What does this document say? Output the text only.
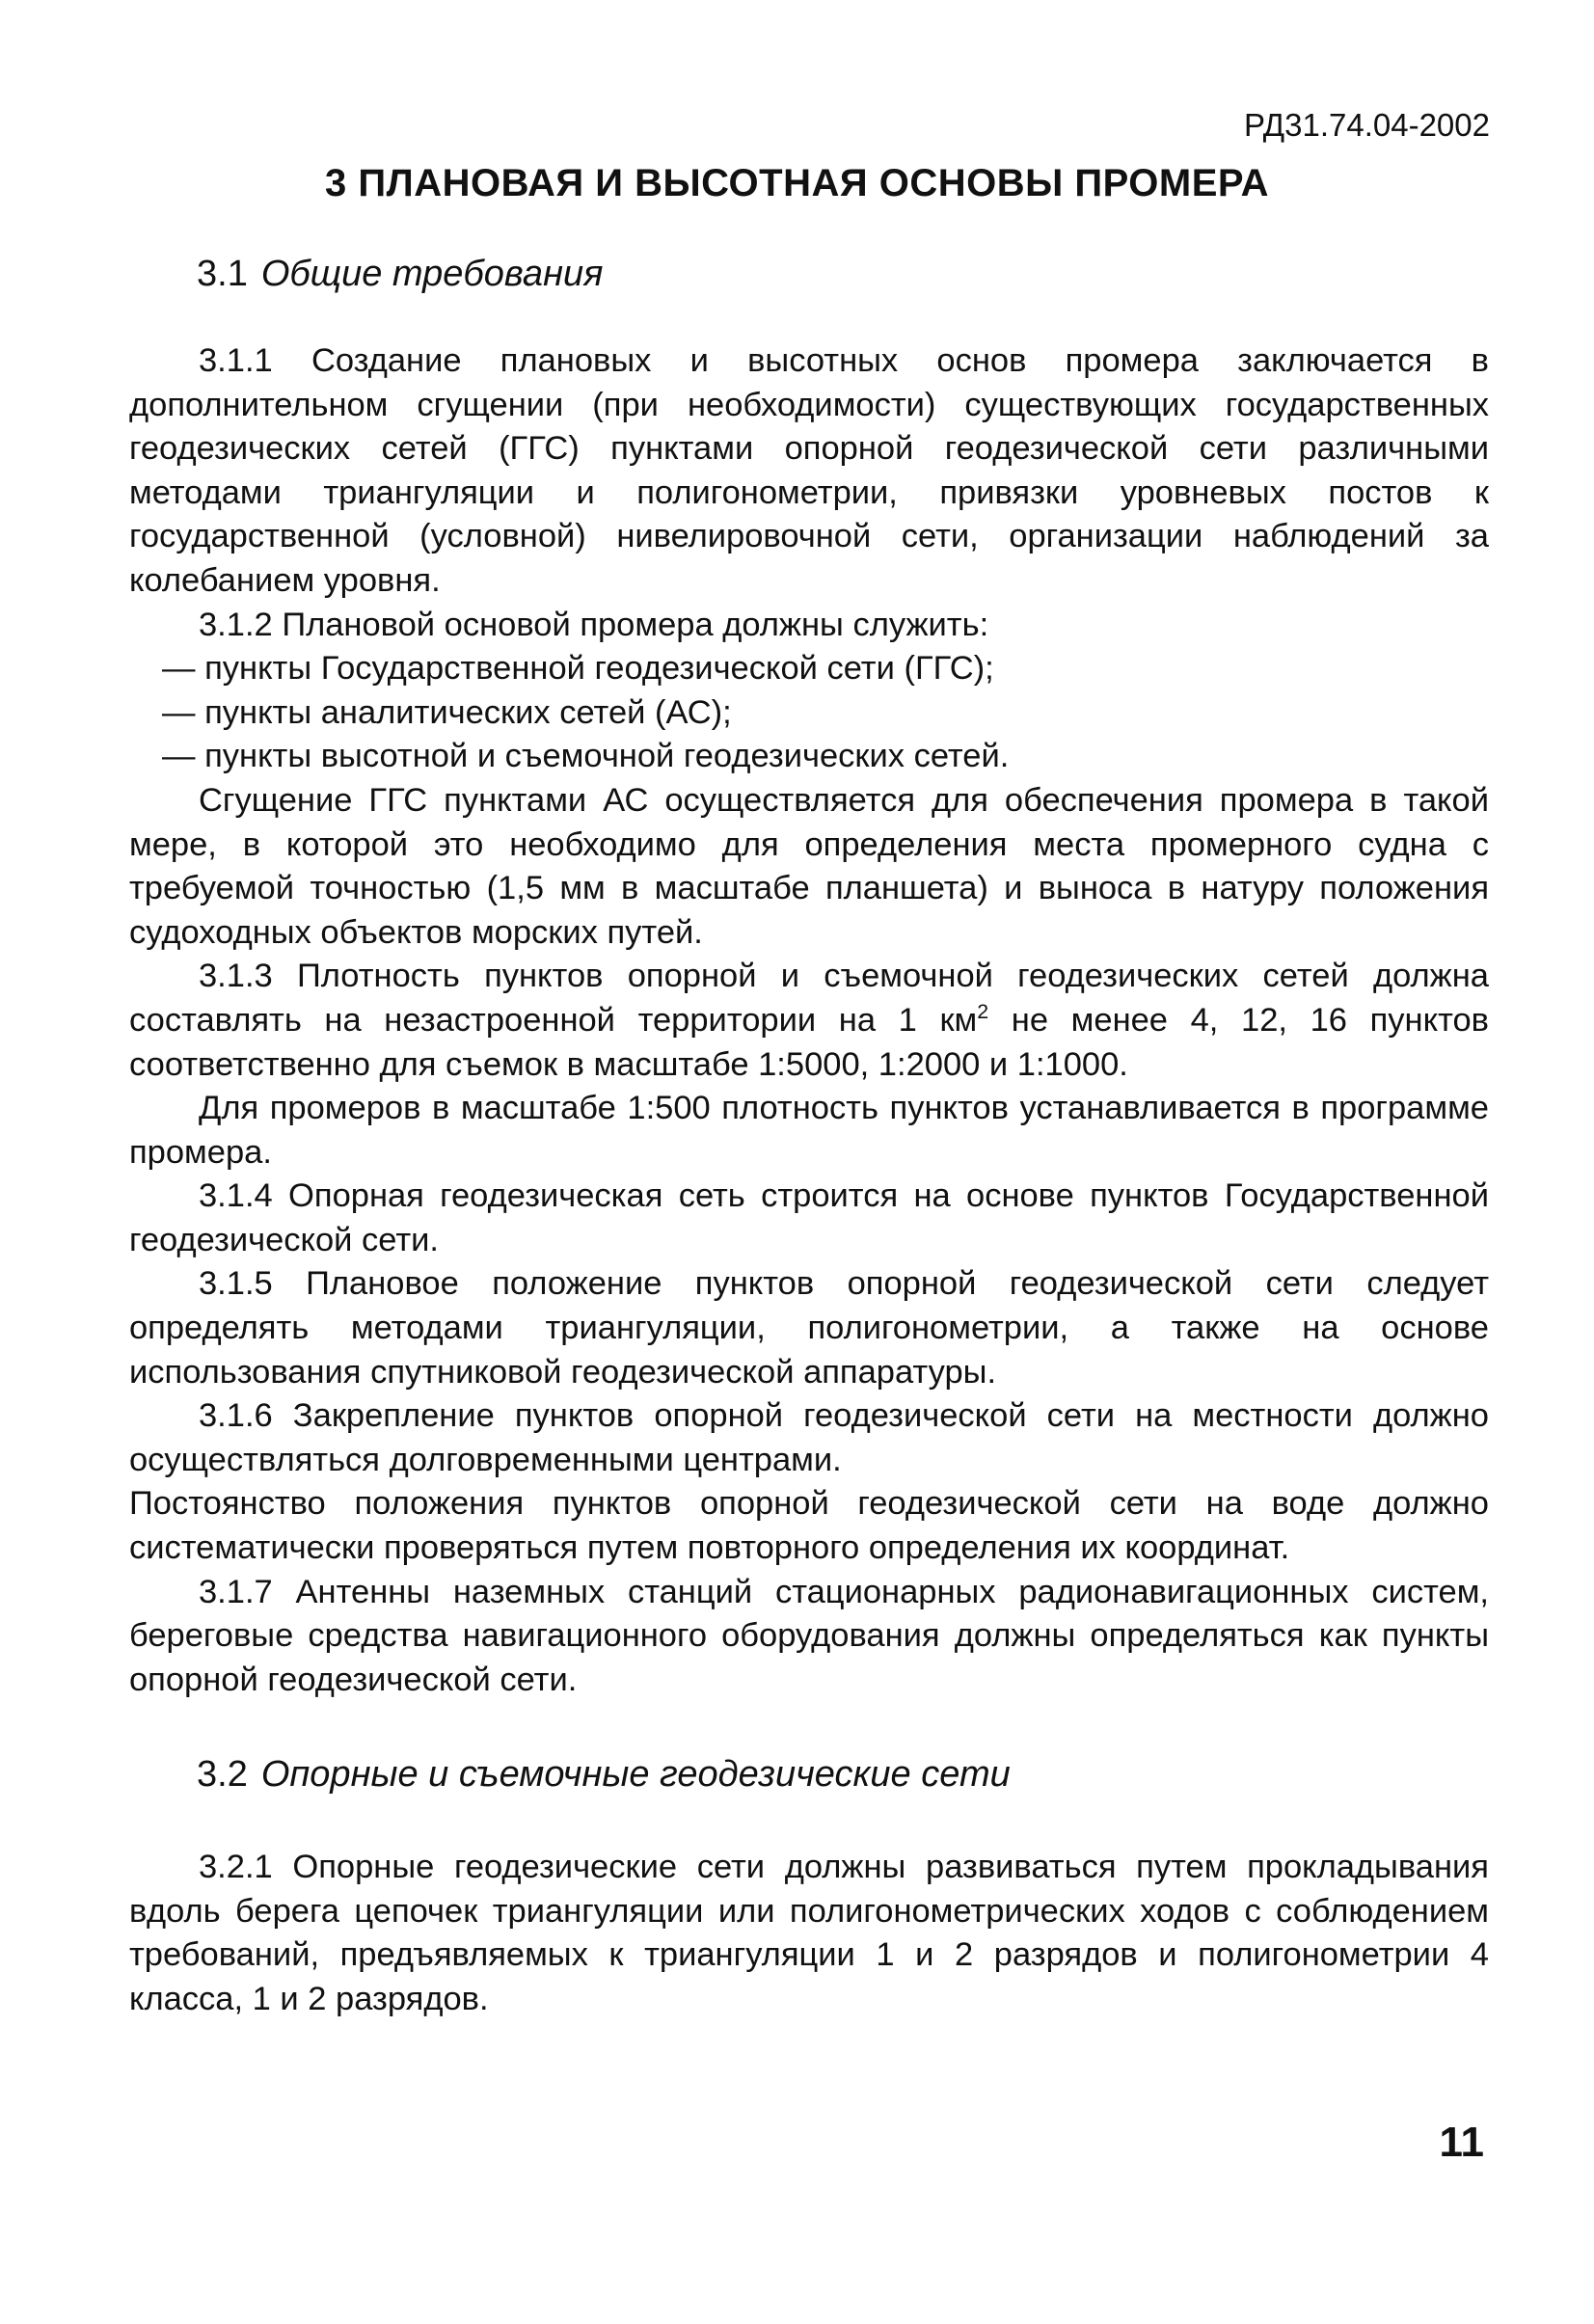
РД31.74.04-2002
3 ПЛАНОВАЯ И ВЫСОТНАЯ ОСНОВЫ ПРОМЕРА
3.1 Общие требования

3.1.1 Создание плановых и высотных основ промера заключается в дополнительном сгущении (при необходимости) существующих государственных геодезических сетей (ГГС) пунктами опорной геодезической сети различными методами триангуляции и полигонометрии, привязки уровневых постов к государственной (условной) нивелировочной сети, организации наблюдений за колебанием уровня.

3.1.2 Плановой основой промера должны служить:

— пункты Государственной геодезической сети (ГГС);

— пункты аналитических сетей (АС);

— пункты высотной и съемочной геодезических сетей.

Сгущение ГГС пунктами АС осуществляется для обеспечения промера в такой мере, в которой это необходимо для определения места промерного судна с требуемой точностью (1,5 мм в масштабе планшета) и выноса в натуру положения судоходных объектов морских путей.

3.1.3 Плотность пунктов опорной и съемочной геодезических сетей должна составлять на незастроенной территории на 1 $км^2$ не менее 4, 12, 16 пунктов соответственно для съемок в масштабе 1:5000, 1:2000 и 1:1000.

Для промеров в масштабе 1:500 плотность пунктов устанавливается в программе промера.

3.1.4 Опорная геодезическая сеть строится на основе пунктов Государственной геодезической сети.

3.1.5 Плановое положение пунктов опорной геодезической сети следует определять методами триангуляции, полигонометрии, а также на основе использования спутниковой геодезической аппаратуры.

3.1.6 Закрепление пунктов опорной геодезической сети на местности должно осуществляться долговременными центрами.

Постоянство положения пунктов опорной геодезической сети на воде должно систематически проверяться путем повторного определения их координат.

3.1.7 Антенны наземных станций стационарных радионавигационных систем, береговые средства навигационного оборудования должны определяться как пункты опорной геодезической сети.

3.2 Опорные и съемочные геодезические сети

3.2.1 Опорные геодезические сети должны развиваться путем прокладывания вдоль берега цепочек триангуляции или полигонометрических ходов с соблюдением требований, предъявляемых к триангуляции 1 и 2 разрядов и полигонометрии 4 класса, 1 и 2 разрядов.

11
